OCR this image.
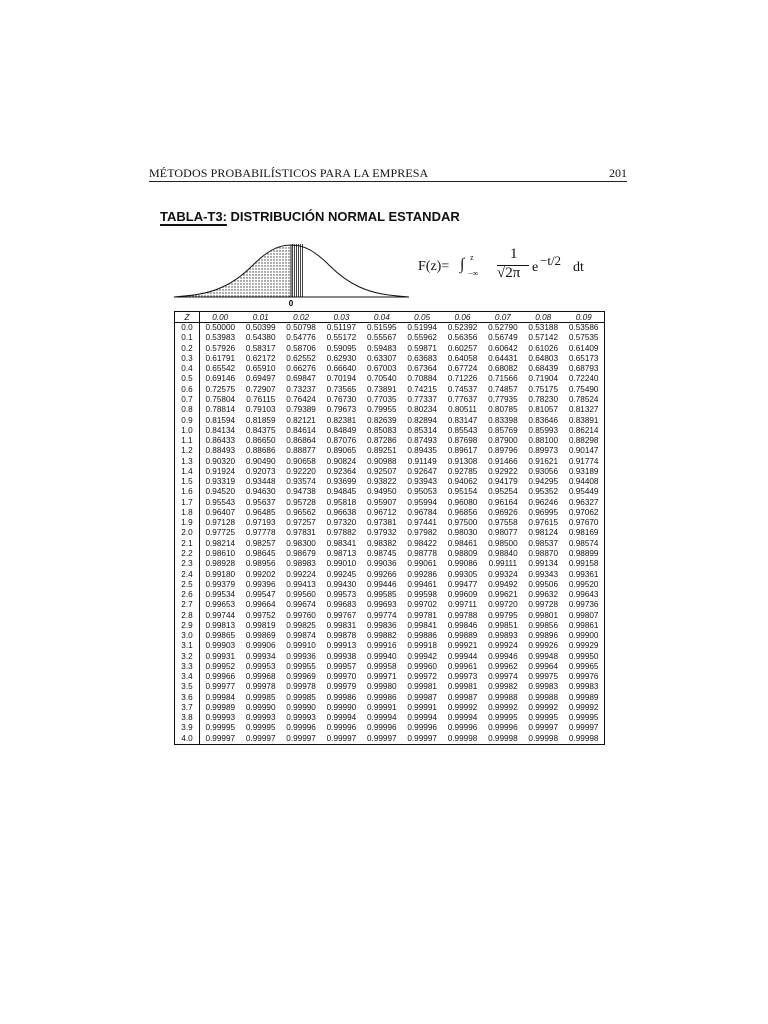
MÉTODOS PROBABILÍSTICOS PARA LA EMPRESA	201
TABLA-T3: DISTRIBUCIÓN NORMAL ESTANDAR
0
F(z)= ∫ z
−∞
1
√2π e −t/2 dt
Z	0.00	0.01	0.02	0.03	0.04	0.05	0.06	0.07	0.08	0.09
0.0	0.50000	0.50399	0.50798	0.51197	0.51595	0.51994	0.52392	0.52790	0.53188	0.53586
0.1	0.53983	0.54380	0.54776	0.55172	0.55567	0.55962	0.56356	0.56749	0.57142	0.57535
0.2	0.57926	0.58317	0.58706	0.59095	0.59483	0.59871	0.60257	0.60642	0.61026	0.61409
0.3	0.61791	0.62172	0.62552	0.62930	0.63307	0.63683	0.64058	0.64431	0.64803	0.65173
0.4	0.65542	0.65910	0.66276	0.66640	0.67003	0.67364	0.67724	0.68082	0.68439	0.68793
0.5	0.69146	0.69497	0.69847	0.70194	0.70540	0.70884	0.71226	0.71566	0.71904	0.72240
0.6	0.72575	0.72907	0.73237	0.73565	0.73891	0.74215	0.74537	0.74857	0.75175	0.75490
0.7	0.75804	0.76115	0.76424	0.76730	0.77035	0.77337	0.77637	0.77935	0.78230	0.78524
0.8	0.78814	0.79103	0.79389	0.79673	0.79955	0.80234	0.80511	0.80785	0.81057	0.81327
0.9	0.81594	0.81859	0.82121	0.82381	0.82639	0.82894	0.83147	0.83398	0.83646	0.83891
1.0	0.84134	0.84375	0.84614	0.84849	0.85083	0.85314	0.85543	0.85769	0.85993	0.86214
1.1	0.86433	0.86650	0.86864	0.87076	0.87286	0.87493	0.87698	0.87900	0.88100	0.88298
1.2	0.88493	0.88686	0.88877	0.89065	0.89251	0.89435	0.89617	0.89796	0.89973	0.90147
1.3	0.90320	0.90490	0.90658	0.90824	0.90988	0.91149	0.91308	0.91466	0.91621	0.91774
1.4	0.91924	0.92073	0.92220	0.92364	0.92507	0.92647	0.92785	0.92922	0.93056	0.93189
1.5	0.93319	0.93448	0.93574	0.93699	0.93822	0.93943	0.94062	0.94179	0.94295	0.94408
1.6	0.94520	0.94630	0.94738	0.94845	0.94950	0.95053	0.95154	0.95254	0.95352	0.95449
1.7	0.95543	0.95637	0.95728	0.95818	0.95907	0.95994	0.96080	0.96164	0.96246	0.96327
1.8	0.96407	0.96485	0.96562	0.96638	0.96712	0.96784	0.96856	0.96926	0.96995	0.97062
1.9	0.97128	0.97193	0.97257	0.97320	0.97381	0.97441	0.97500	0.97558	0.97615	0.97670
2.0	0.97725	0.97778	0.97831	0.97882	0.97932	0.97982	0.98030	0.98077	0.98124	0.98169
2.1	0.98214	0.98257	0.98300	0.98341	0.98382	0.98422	0.98461	0.98500	0.98537	0.98574
2.2	0.98610	0.98645	0.98679	0.98713	0.98745	0.98778	0.98809	0.98840	0.98870	0.98899
2.3	0.98928	0.98956	0.98983	0.99010	0.99036	0.99061	0.99086	0.99111	0.99134	0.99158
2.4	0.99180	0.99202	0.99224	0.99245	0.99266	0.99286	0.99305	0.99324	0.99343	0.99361
2.5	0.99379	0.99396	0.99413	0.99430	0.99446	0.99461	0.99477	0.99492	0.99506	0.99520
2.6	0.99534	0.99547	0.99560	0.99573	0.99585	0.99598	0.99609	0.99621	0.99632	0.99643
2.7	0.99653	0.99664	0.99674	0.99683	0.99693	0.99702	0.99711	0.99720	0.99728	0.99736
2.8	0.99744	0.99752	0.99760	0.99767	0.99774	0.99781	0.99788	0.99795	0.99801	0.99807
2.9	0.99813	0.99819	0.99825	0.99831	0.99836	0.99841	0.99846	0.99851	0.99856	0.99861
3.0	0.99865	0.99869	0.99874	0.99878	0.99882	0.99886	0.99889	0.99893	0.99896	0.99900
3.1	0.99903	0.99906	0.99910	0.99913	0.99916	0.99918	0.99921	0.99924	0.99926	0.99929
3.2	0.99931	0.99934	0.99936	0.99938	0.99940	0.99942	0.99944	0.99946	0.99948	0.99950
3.3	0.99952	0.99953	0.99955	0.99957	0.99958	0.99960	0.99961	0.99962	0.99964	0.99965
3.4	0.99966	0.99968	0.99969	0.99970	0.99971	0.99972	0.99973	0.99974	0.99975	0.99976
3.5	0.99977	0.99978	0.99978	0.99979	0.99980	0.99981	0.99981	0.99982	0.99983	0.99983
3.6	0.99984	0.99985	0.99985	0.99986	0.99986	0.99987	0.99987	0.99988	0.99988	0.99989
3.7	0.99989	0.99990	0.99990	0.99990	0.99991	0.99991	0.99992	0.99992	0.99992	0.99992
3.8	0.99993	0.99993	0.99993	0.99994	0.99994	0.99994	0.99994	0.99995	0.99995	0.99995
3.9	0.99995	0.99995	0.99996	0.99996	0.99996	0.99996	0.99996	0.99996	0.99997	0.99997
4.0	0.99997	0.99997	0.99997	0.99997	0.99997	0.99997	0.99998	0.99998	0.99998	0.99998
